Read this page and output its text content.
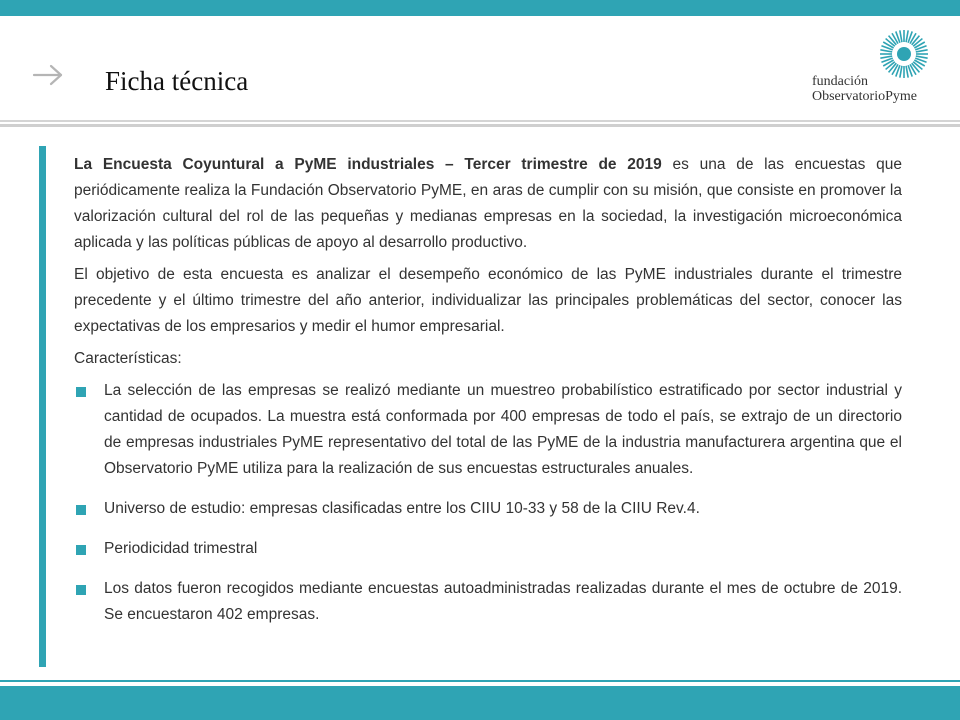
Ficha técnica	fundación
ObservatorioPyme

La Encuesta Coyuntural a PyME industriales – Tercer trimestre de 2019 es una de las encuestas que periódicamente realiza la Fundación Observatorio PyME, en aras de cumplir con su misión, que consiste en promover la valorización cultural del rol de las pequeñas y medianas empresas en la sociedad, la investigación microeconómica aplicada y las políticas públicas de apoyo al desarrollo productivo.

El objetivo de esta encuesta es analizar el desempeño económico de las PyME industriales durante el trimestre precedente y el último trimestre del año anterior, individualizar las principales problemáticas del sector, conocer las expectativas de los empresarios y medir el humor empresarial.

Características:

La selección de las empresas se realizó mediante un muestreo probabilístico estratificado por sector industrial y cantidad de ocupados. La muestra está conformada por 400 empresas de todo el país, se extrajo de un directorio de empresas industriales PyME representativo del total de las PyME de la industria manufacturera argentina que el Observatorio PyME utiliza para la realización de sus encuestas estructurales anuales.
Universo de estudio: empresas clasificadas entre los CIIU 10-33 y 58 de la CIIU Rev.4.
Periodicidad trimestral
Los datos fueron recogidos mediante encuestas autoadministradas realizadas durante el mes de octubre de 2019. Se encuestaron 402 empresas.
